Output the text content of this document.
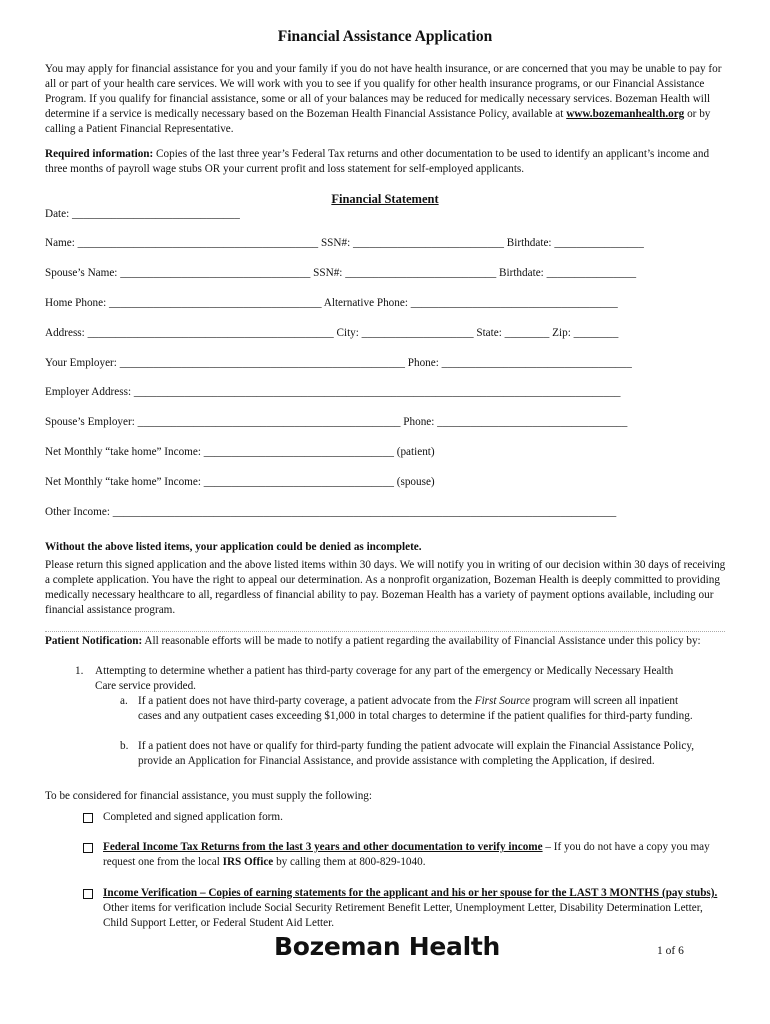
Financial Assistance Application
You may apply for financial assistance for you and your family if you do not have health insurance, or are concerned that you may be unable to pay for all or part of your health care services. We will work with you to see if you qualify for other health insurance programs, or our Financial Assistance Program. If you qualify for financial assistance, some or all of your balances may be reduced for medically necessary services. Bozeman Health will determine if a service is medically necessary based on the Bozeman Health Financial Assistance Policy, available at www.bozemanhealth.org or by calling a Patient Financial Representative.
Required information: Copies of the last three year’s Federal Tax returns and other documentation to be used to identify an applicant’s income and three months of payroll wage stubs OR your current profit and loss statement for self-employed applicants.
Financial Statement
Date: ______________________________
Name: ___________________________________________ SSN#: ___________________________ Birthdate: ________________
Spouse’s Name: __________________________________ SSN#: ___________________________ Birthdate: ________________
Home Phone: ______________________________________ Alternative Phone: _____________________________________
Address: ____________________________________________ City: ____________________ State: ________ Zip: ________
Your Employer: ___________________________________________________ Phone: __________________________________
Employer Address: _______________________________________________________________________________________
Spouse’s Employer: _______________________________________________ Phone: __________________________________
Net Monthly “take home” Income: __________________________________ (patient)
Net Monthly “take home” Income: __________________________________ (spouse)
Other Income: __________________________________________________________________________________________
Without the above listed items, your application could be denied as incomplete.
Please return this signed application and the above listed items within 30 days. We will notify you in writing of our decision within 30 days of receiving a complete application. You have the right to appeal our determination. As a nonprofit organization, Bozeman Health is deeply committed to providing medically necessary healthcare to all, regardless of financial ability to pay. Bozeman Health has a variety of payment options available, including our financial assistance program.
Patient Notification: All reasonable efforts will be made to notify a patient regarding the availability of Financial Assistance under this policy by:
1. Attempting to determine whether a patient has third-party coverage for any part of the emergency or Medically Necessary Health Care service provided.
a. If a patient does not have third-party coverage, a patient advocate from the First Source program will screen all inpatient cases and any outpatient cases exceeding $1,000 in total charges to determine if the patient qualifies for third-party funding.
b. If a patient does not have or qualify for third-party funding the patient advocate will explain the Financial Assistance Policy, provide an Application for Financial Assistance, and provide assistance with completing the Application, if desired.
To be considered for financial assistance, you must supply the following:
Completed and signed application form.
Federal Income Tax Returns from the last 3 years and other documentation to verify income – If you do not have a copy you may request one from the local IRS Office by calling them at 800-829-1040.
Income Verification – Copies of earning statements for the applicant and his or her spouse for the LAST 3 MONTHS (pay stubs). Other items for verification include Social Security Retirement Benefit Letter, Unemployment Letter, Disability Determination Letter, Child Support Letter, or Federal Student Aid Letter.
Bozeman Health	1 of 6
